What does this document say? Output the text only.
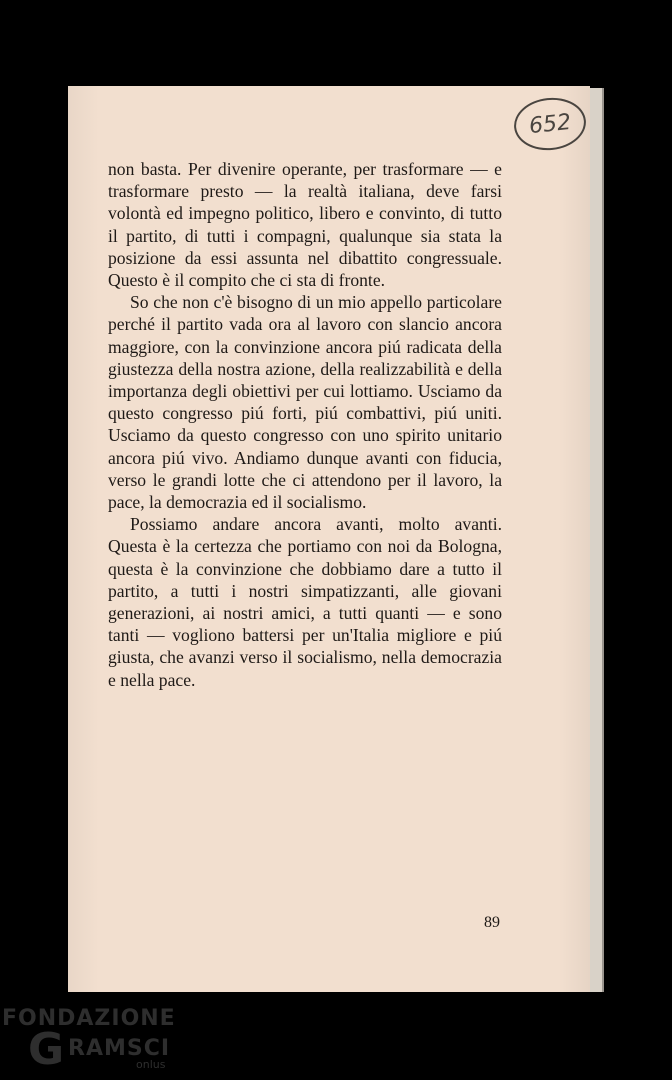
652

non basta. Per divenire operante, per trasformare — e trasformare presto — la realtà italiana, deve farsi volontà ed impegno politico, libero e convinto, di tutto il partito, di tutti i compagni, qualunque sia stata la posizione da essi assunta nel dibattito congressuale. Questo è il compito che ci sta di fronte.

So che non c'è bisogno di un mio appello particolare perché il partito vada ora al lavoro con slancio ancora maggiore, con la convinzione ancora piú radicata della giustezza della nostra azione, della realizzabilità e della importanza degli obiettivi per cui lottiamo. Usciamo da questo congresso piú forti, piú combattivi, piú uniti. Usciamo da questo congresso con uno spirito unitario ancora piú vivo. Andiamo dunque avanti con fiducia, verso le grandi lotte che ci attendono per il lavoro, la pace, la democrazia ed il socialismo.

Possiamo andare ancora avanti, molto avanti. Questa è la certezza che portiamo con noi da Bologna, questa è la convinzione che dobbiamo dare a tutto il partito, a tutti i nostri simpatizzanti, alle giovani generazioni, ai nostri amici, a tutti quanti — e sono tanti — vogliono battersi per un'Italia migliore e piú giusta, che avanzi verso il socialismo, nella democrazia e nella pace.

89
FONDAZIONE
G RAMSCI
onlus
